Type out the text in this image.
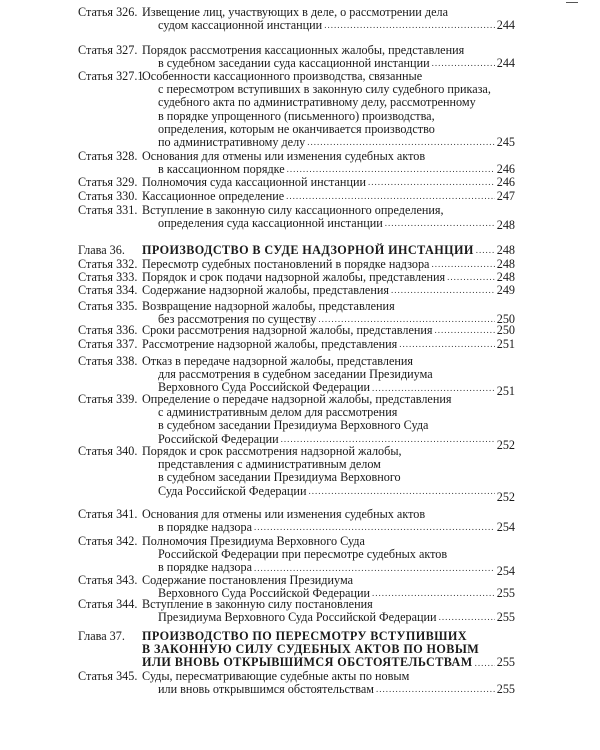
Статья 326. Извещение лиц, участвующих в деле, о рассмотрении дела
судом кассационной инстанции .....	244
Статья 327. Порядок рассмотрения кассационных жалобы, представления
в судебном заседании суда кассационной инстанции .....	244
Статья 327.1.
Особенности кассационного производства, связанные
с пересмотром вступивших в законную силу судебного приказа,
судебного акта по административному делу, рассмотренному
в порядке упрощенного (письменного) производства,
определения, которым не оканчивается производство
по административному делу .....	245
Статья 328. Основания для отмены или изменения судебных актов
в кассационном порядке .....	246
Статья 329. Полномочия суда кассационной инстанции .....	246
Статья 330. Кассационное определение .....	247
Статья 331. Вступление в законную силу кассационного определения,
определения суда кассационной инстанции .....	248
Глава 36. ПРОИЗВОДСТВО В СУДЕ НАДЗОРНОЙ ИНСТАНЦИИ ..... 248
Статья 332. Пересмотр судебных постановлений в порядке надзора .....	248
Статья 333. Порядок и срок подачи надзорной жалобы, представления .....	248
Статья 334. Содержание надзорной жалобы, представления .....	249
Статья 335. Возвращение надзорной жалобы, представления
без рассмотрения по существу .....	250
Статья 336. Сроки рассмотрения надзорной жалобы, представления .....	250
Статья 337. Рассмотрение надзорной жалобы, представления .....	251
Статья 338. Отказ в передаче надзорной жалобы, представления
для рассмотрения в судебном заседании Президиума
Верховного Суда Российской Федерации .....	251
Статья 339. Определение о передаче надзорной жалобы, представления
с административным делом для рассмотрения
в судебном заседании Президиума Верховного Суда
Российской Федерации .....	252
Статья 340. Порядок и срок рассмотрения надзорной жалобы,
представления с административным делом
в судебном заседании Президиума Верховного
Суда Российской Федерации .....	252
Статья 341. Основания для отмены или изменения судебных актов
в порядке надзора .....	254
Статья 342. Полномочия Президиума Верховного Суда
Российской Федерации при пересмотре судебных актов
в порядке надзора .....	254
Статья 343. Содержание постановления Президиума
Верховного Суда Российской Федерации .....	255
Статья 344. Вступление в законную силу постановления
Президиума Верховного Суда Российской Федерации .....	255
Глава 37. ПРОИЗВОДСТВО ПО ПЕРЕСМОТРУ ВСТУПИВШИХ
В ЗАКОННУЮ СИЛУ СУДЕБНЫХ АКТОВ ПО НОВЫМ
ИЛИ ВНОВЬ ОТКРЫВШИМСЯ ОБСТОЯТЕЛЬСТВАМ ..... 255
Статья 345. Суды, пересматривающие судебные акты по новым
или вновь открывшимся обстоятельствам .....	255
